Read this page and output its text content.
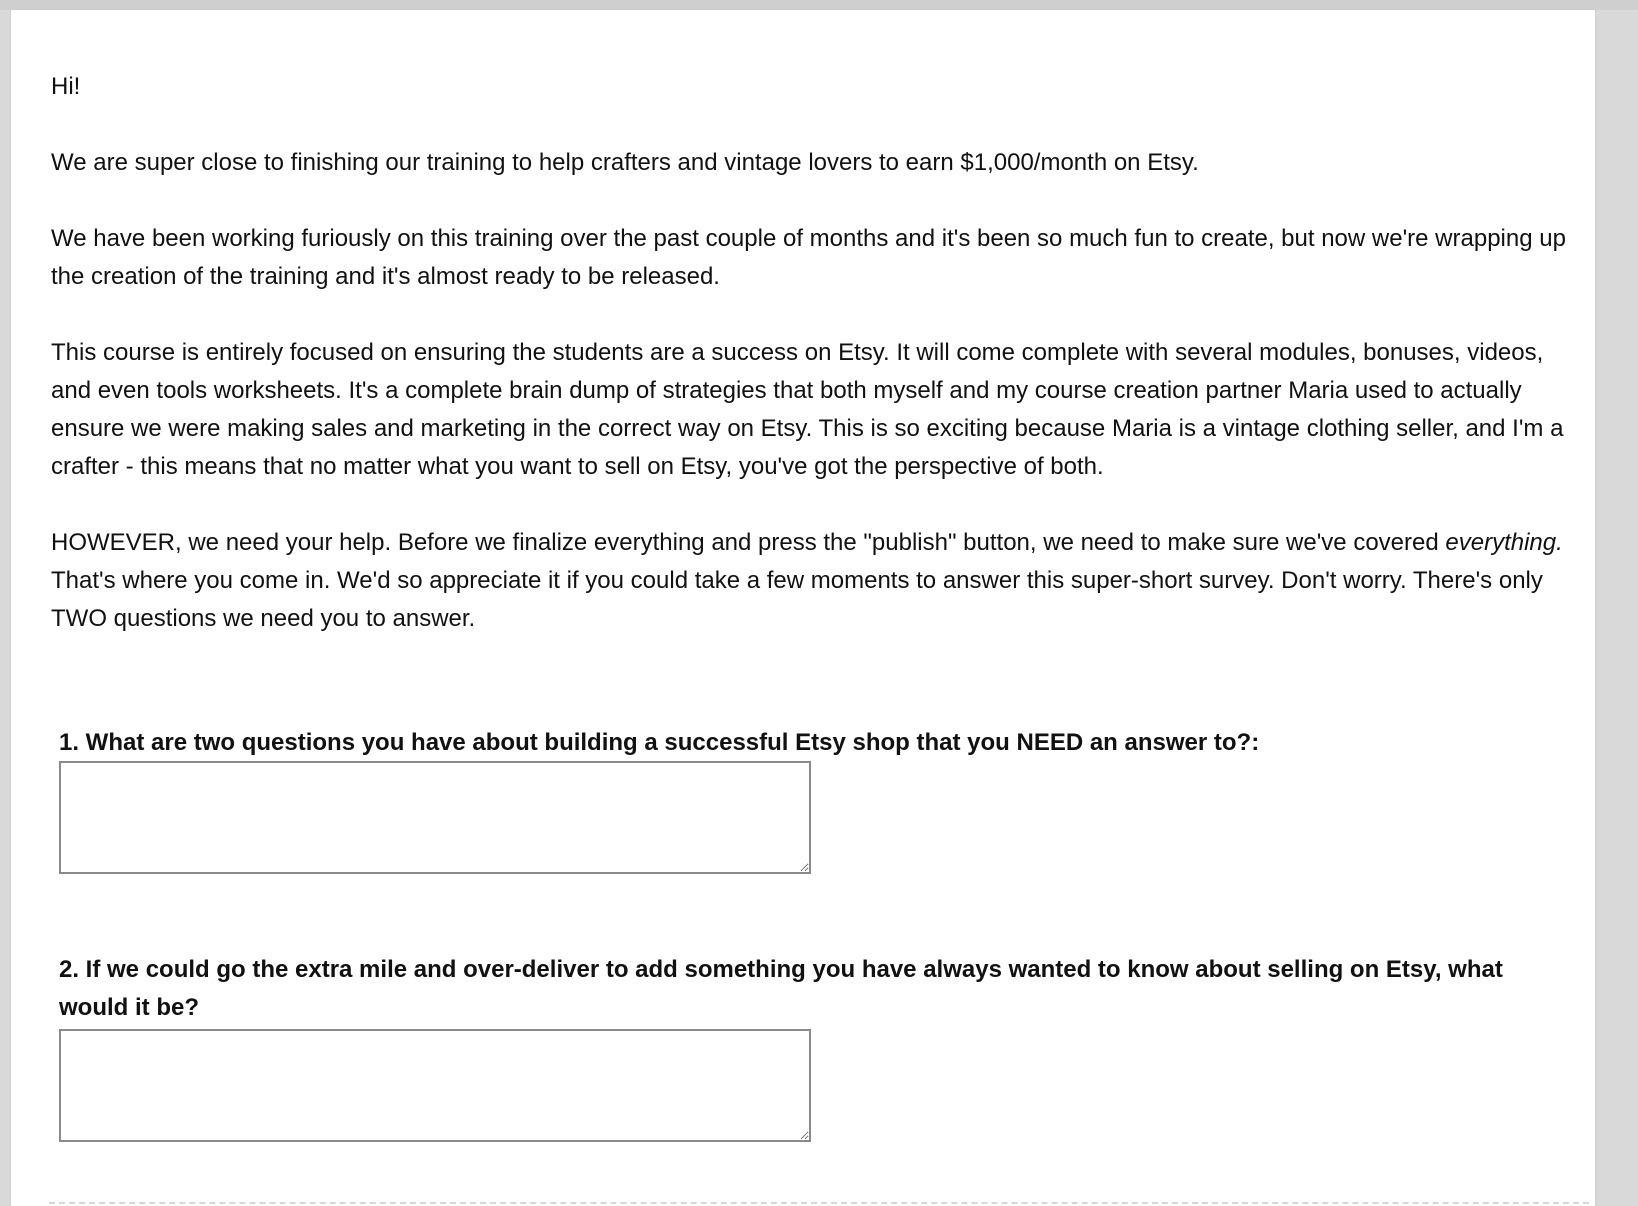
Hi!

We are super close to finishing our training to help crafters and vintage lovers to earn $1,000/month on Etsy.

We have been working furiously on this training over the past couple of months and it's been so much fun to create, but now we're wrapping up the creation of the training and it's almost ready to be released.

This course is entirely focused on ensuring the students are a success on Etsy. It will come complete with several modules, bonuses, videos, and even tools worksheets. It's a complete brain dump of strategies that both myself and my course creation partner Maria used to actually ensure we were making sales and marketing in the correct way on Etsy. This is so exciting because Maria is a vintage clothing seller, and I'm a crafter - this means that no matter what you want to sell on Etsy, you've got the perspective of both.

HOWEVER, we need your help. Before we finalize everything and press the "publish" button, we need to make sure we've covered everything.

That's where you come in. We'd so appreciate it if you could take a few moments to answer this super-short survey. Don't worry. There's only TWO questions we need you to answer.

1. What are two questions you have about building a successful Etsy shop that you NEED an answer to?:
2. If we could go the extra mile and over-deliver to add something you have always wanted to know about selling on Etsy, what would it be?
